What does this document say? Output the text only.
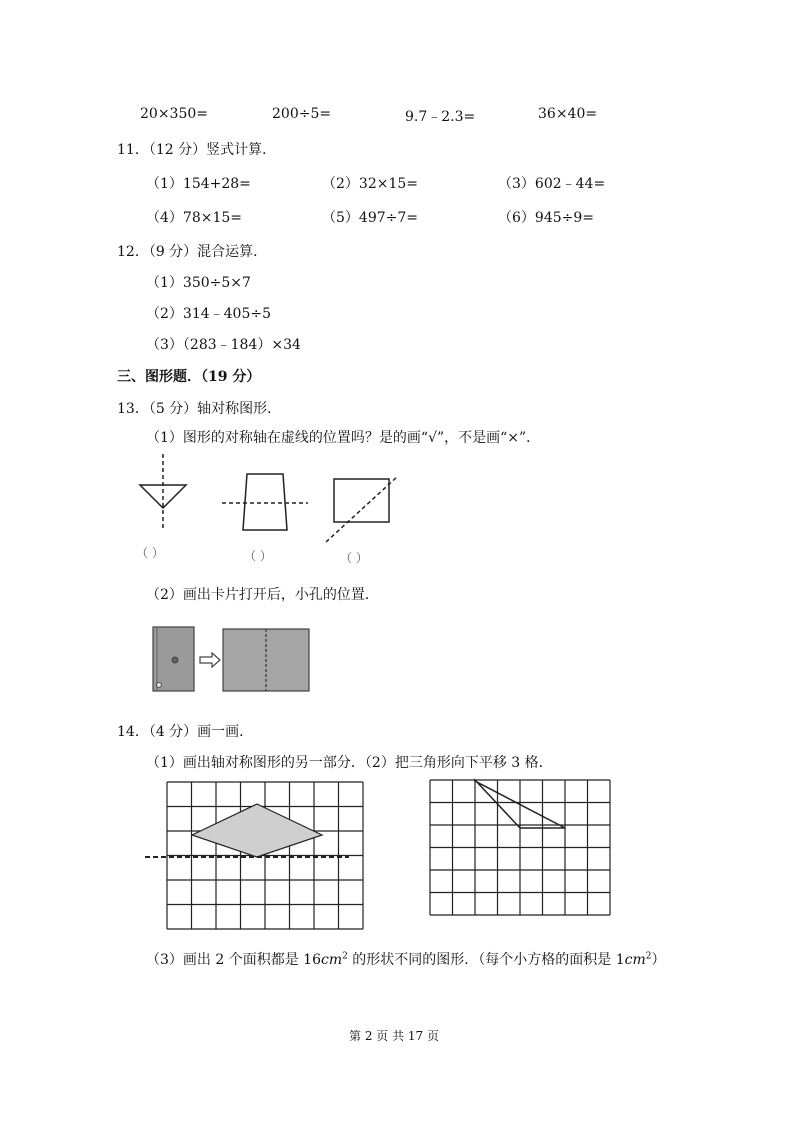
20×350=	200÷5=	9.7﹣2.3=	36×40=
11．（12 分）竖式计算．
（1）154+28=	（2）32×15=	（3）602﹣44=
（4）78×15=	（5）497÷7=	（6）945÷9=
12．（9 分）混合运算．
（1）350÷5×7
（2）314﹣405÷5
（3）（283﹣184）×34
三、图形题．（19 分）
13．（5 分）轴对称图形．
（1）图形的对称轴在虚线的位置吗？是的画“√”，不是画“×”．
（ ）	（ ）	（ ）
（2）画出卡片打开后，小孔的位置．
14．（4 分）画一画．
（1）画出轴对称图形的另一部分．（2）把三角形向下平移 3 格．
（3）画出 2 个面积都是 $16cm^2$ 的形状不同的图形．（每个小方格的面积是 $1cm^2$）
第 2 页 共 17 页
